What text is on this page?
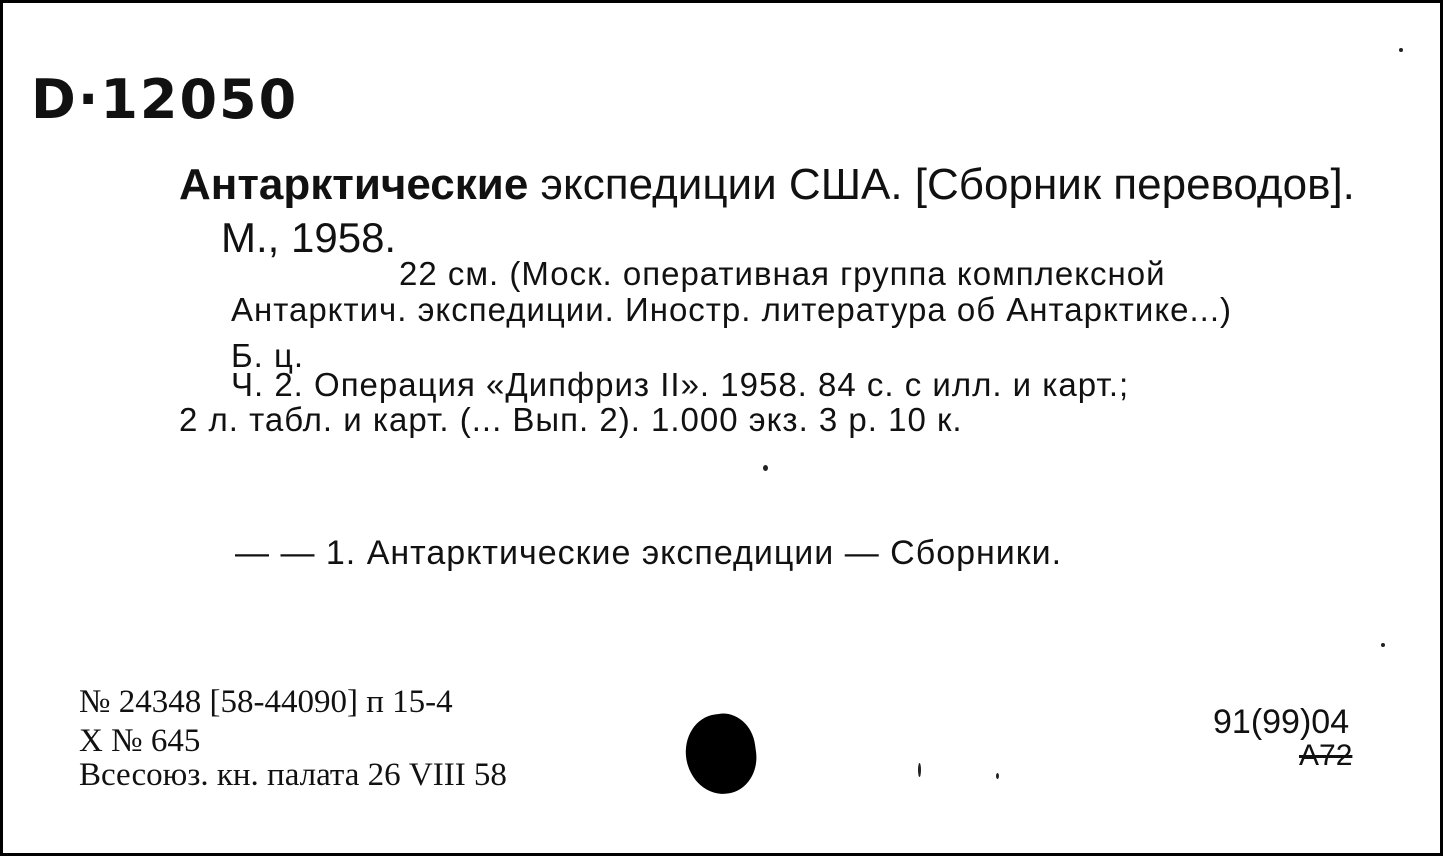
D·12050
Антарктические экспедиции США. [Сборник переводов].
М., 1958.
22 см. (Моск. оперативная группа комплексной
Антарктич. экспедиции. Иностр. литература об Антарктике...)
Б. ц.
Ч. 2. Операция «Дипфриз II». 1958. 84 с. с илл. и карт.;
2 л. табл. и карт. (... Вып. 2). 1.000 экз. 3 р. 10 к.
— — 1. Антарктические экспедиции — Сборники.
№ 24348 [58-44090] п 15-4
X № 645
Всесоюз. кн. палата 26 VIII 58
91(99)04
A72
